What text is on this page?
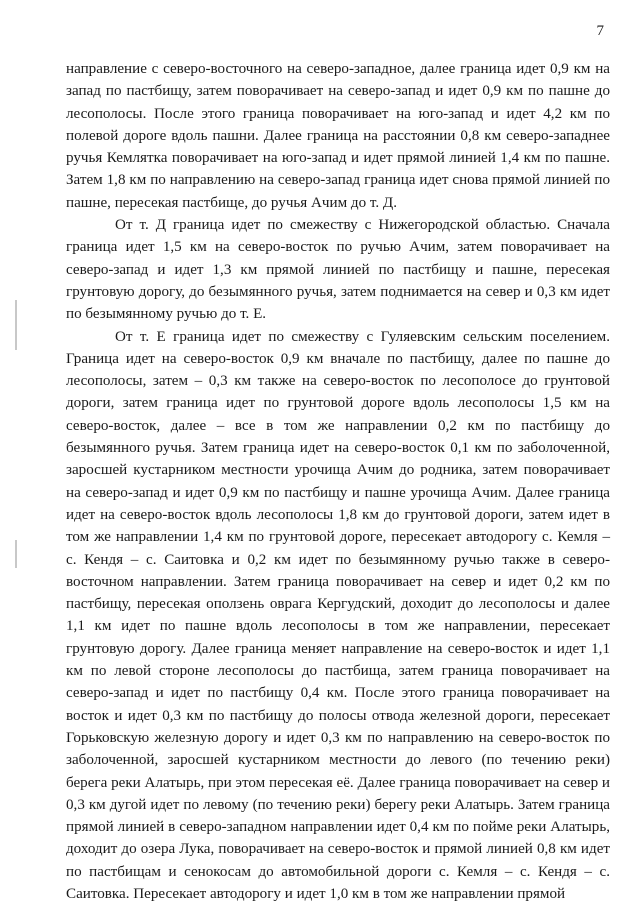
7

направление с северо-восточного на северо-западное, далее граница идет 0,9 км на запад по пастбищу, затем поворачивает на северо-запад и идет 0,9 км по пашне до лесополосы. После этого граница поворачивает на юго-запад и идет 4,2 км по полевой дороге вдоль пашни. Далее граница на расстоянии 0,8 км северо-западнее ручья Кемлятка поворачивает на юго-запад и идет прямой линией 1,4 км по пашне. Затем 1,8 км по направлению на северо-запад граница идет снова прямой линией по пашне, пересекая пастбище, до ручья Ачим до т. Д.

От т. Д граница идет по смежеству с Нижегородской областью. Сначала граница идет 1,5 км на северо-восток по ручью Ачим, затем поворачивает на северо-запад и идет 1,3 км прямой линией по пастбищу и пашне, пересекая грунтовую дорогу, до безымянного ручья, затем поднимается на север и 0,3 км идет по безымянному ручью до т. Е.

От т. Е граница идет по смежеству с Гуляевским сельским поселением. Граница идет на северо-восток 0,9 км вначале по пастбищу, далее по пашне до лесополосы, затем – 0,3 км также на северо-восток по лесополосе до грунтовой дороги, затем граница идет по грунтовой дороге вдоль лесополосы 1,5 км на северо-восток, далее – все в том же направлении 0,2 км по пастбищу до безымянного ручья. Затем граница идет на северо-восток 0,1 км по заболоченной, заросшей кустарником местности урочища Ачим до родника, затем поворачивает на северо-запад и идет 0,9 км по пастбищу и пашне урочища Ачим. Далее граница идет на северо-восток вдоль лесополосы 1,8 км до грунтовой дороги, затем идет в том же направлении 1,4 км по грунтовой дороге, пересекает автодорогу с. Кемля – с. Кендя – с. Саитовка и 0,2 км идет по безымянному ручью также в северо-восточном направлении. Затем граница поворачивает на север и идет 0,2 км по пастбищу, пересекая оползень оврага Кергудский, доходит до лесополосы и далее 1,1 км идет по пашне вдоль лесополосы в том же направлении, пересекает грунтовую дорогу. Далее граница меняет направление на северо-восток и идет 1,1 км по левой стороне лесополосы до пастбища, затем граница поворачивает на северо-запад и идет по пастбищу 0,4 км. После этого граница поворачивает на восток и идет 0,3 км по пастбищу до полосы отвода железной дороги, пересекает Горьковскую железную дорогу и идет 0,3 км по направлению на северо-восток по заболоченной, заросшей кустарником местности до левого (по течению реки) берега реки Алатырь, при этом пересекая её. Далее граница поворачивает на север и 0,3 км дугой идет по левому (по течению реки) берегу реки Алатырь. Затем граница прямой линией в северо-западном направлении идет 0,4 км по пойме реки Алатырь, доходит до озера Лука, поворачивает на северо-восток и прямой линией 0,8 км идет по пастбищам и сенокосам до автомобильной дороги с. Кемля – с. Кендя – с. Саитовка. Пересекает автодорогу и идет 1,0 км в том же направлении прямой
